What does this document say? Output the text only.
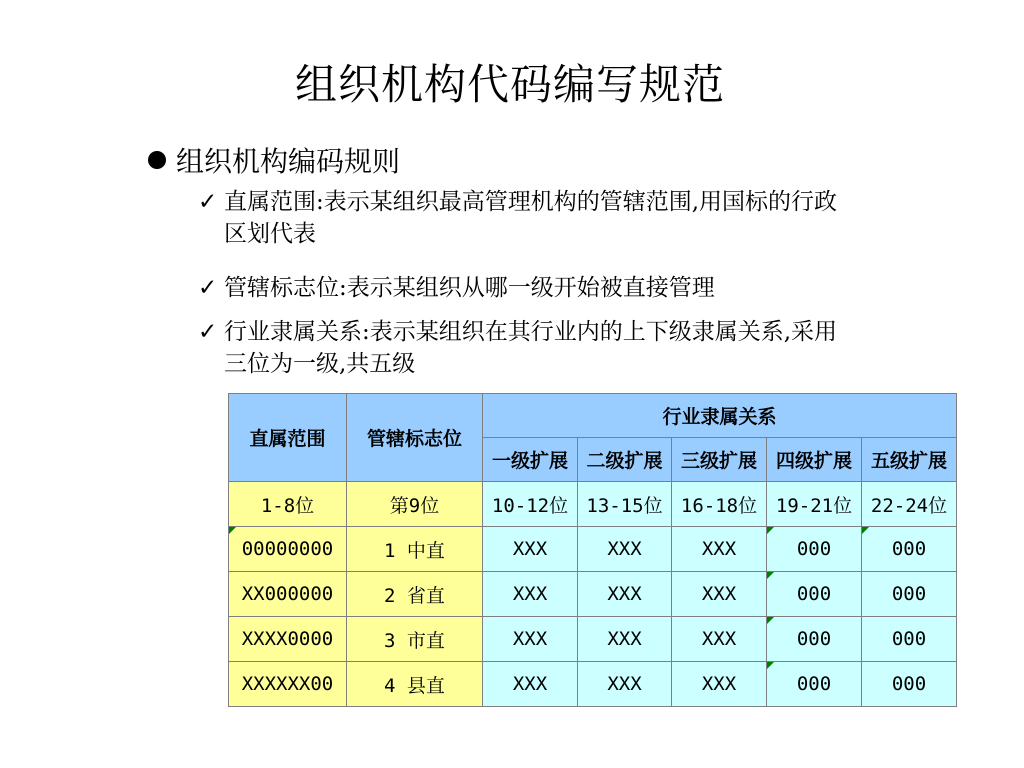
组织机构代码编写规范
组织机构编码规则
✓ 直属范围:表示某组织最高管理机构的管辖范围,用国标的行政
区划代表
✓ 管辖标志位:表示某组织从哪一级开始被直接管理
✓ 行业隶属关系:表示某组织在其行业内的上下级隶属关系,采用
三位为一级,共五级
直属范围	管辖标志位	行业隶属关系				
		一级扩展	二级扩展	三级扩展	四级扩展	五级扩展
1-8位	第9位	10-12位	13-15位	16-18位	19-21位	22-24位
00000000	1 中直	XXX	XXX	XXX	000	000
XX000000	2 省直	XXX	XXX	XXX	000	000
XXXX0000	3 市直	XXX	XXX	XXX	000	000
XXXXXX00	4 县直	XXX	XXX	XXX	000	000
